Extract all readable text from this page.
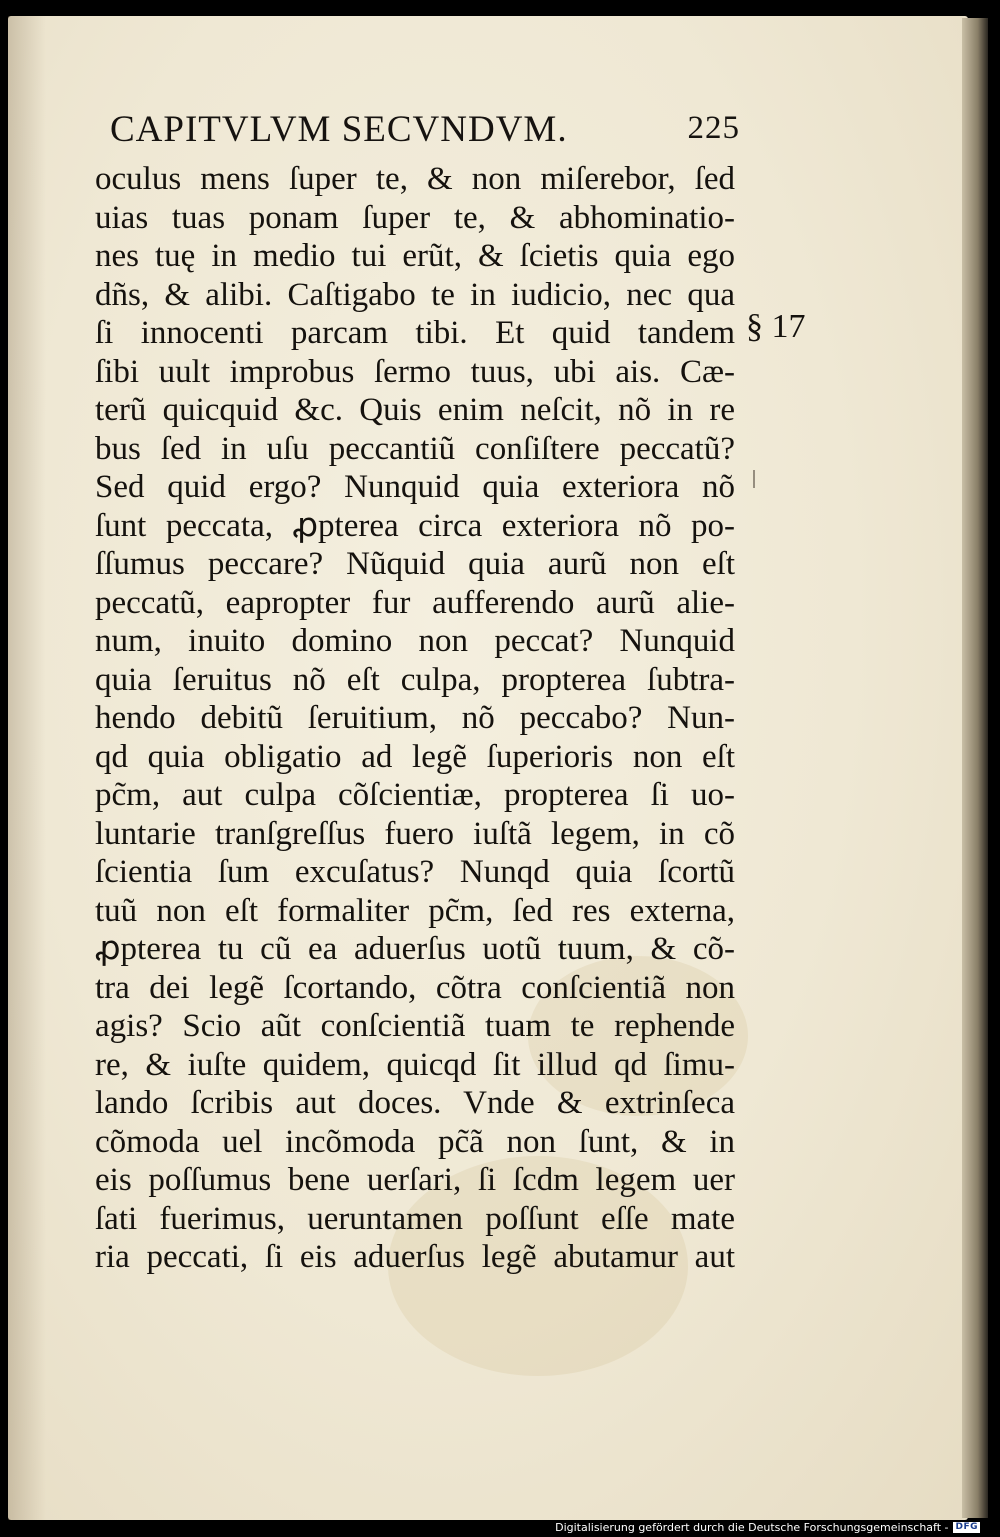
CAPITVLVM SECVNDVM.	225
oculus mens ſuper te, & non miſerebor, ſed
uias tuas ponam ſuper te, & abhominatio-
nes tuę in medio tui erũt, & ſcietis quia ego
dñs, & alibi. Caſtigabo te in iudicio, nec qua
ſi innocenti parcam tibi. Et quid tandem
ſibi uult improbus ſermo tuus, ubi ais. Cæ-
terũ quicquid &c. Quis enim neſcit, nõ in re
bus ſed in uſu peccantiũ conſiſtere peccatũ?
Sed quid ergo? Nunquid quia exteriora nõ
ſunt peccata, ꝓpterea circa exteriora nõ po-
ſſumus peccare? Nũquid quia aurũ non eſt
peccatũ, eapropter fur aufferendo aurũ alie-
num, inuito domino non peccat? Nunquid
quia ſeruitus nõ eſt culpa, propterea ſubtra-
hendo debitũ ſeruitium, nõ peccabo? Nun-
qd quia obligatio ad legẽ ſuperioris non eſt
pc̃m, aut culpa cõſcientiæ, propterea ſi uo-
luntarie tranſgreſſus fuero iuſtã legem, in cõ
ſcientia ſum excuſatus? Nunqd quia ſcortũ
tuũ non eſt formaliter pc̃m, ſed res externa,
ꝓpterea tu cũ ea aduerſus uotũ tuum, & cõ-
tra dei legẽ ſcortando, cõtra conſcientiã non
agis? Scio aũt conſcientiã tuam te rephende
re, & iuſte quidem, quicqd ſit illud qd ſimu-
lando ſcribis aut doces. Vnde & extrinſeca
cõmoda uel incõmoda pc̃ã non ſunt, & in
eis poſſumus bene uerſari, ſi ſcdm legem uer
ſati fuerimus, ueruntamen poſſunt eſſe mate
ria peccati, ſi eis aduerſus legẽ abutamur aut
§ 17
Digitalisierung gefördert durch die Deutsche Forschungsgemeinschaft - DFG
